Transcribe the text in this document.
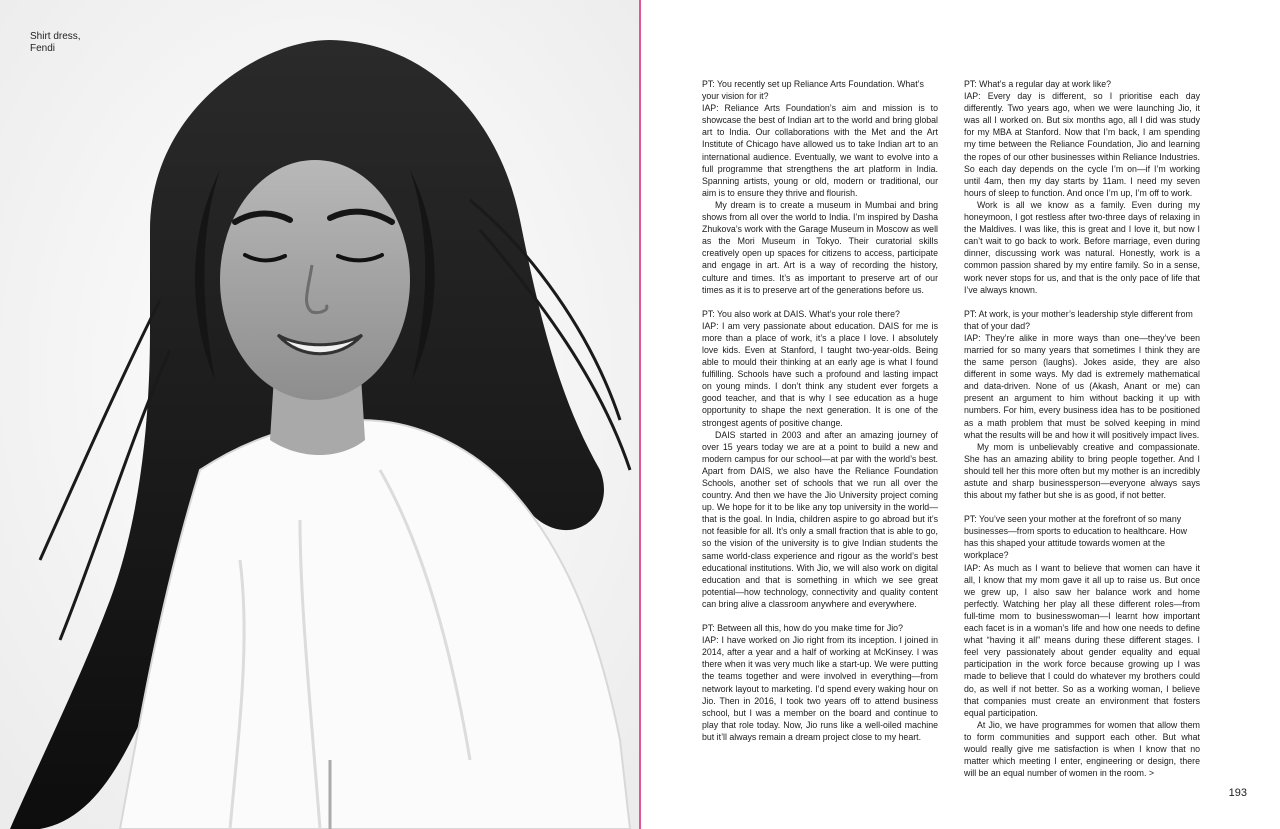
Shirt dress,
Fendi

PT: You recently set up Reliance Arts Foundation. What’s your vision for it?

IAP: Reliance Arts Foundation’s aim and mission is to showcase the best of Indian art to the world and bring global art to India. Our collaborations with the Met and the Art Institute of Chicago have allowed us to take Indian art to an international audience. Eventually, we want to evolve into a full programme that strengthens the art platform in India. Spanning artists, young or old, modern or traditional, our aim is to ensure they thrive and flourish.

My dream is to create a museum in Mumbai and bring shows from all over the world to India. I’m inspired by Dasha Zhukova’s work with the Garage Museum in Moscow as well as the Mori Museum in Tokyo. Their curatorial skills creatively open up spaces for citizens to access, participate and engage in art. Art is a way of recording the history, culture and times. It’s as important to preserve art of our times as it is to preserve art of the generations before us.

PT: You also work at DAIS. What’s your role there?

IAP: I am very passionate about education. DAIS for me is more than a place of work, it’s a place I love. I absolutely love kids. Even at Stanford, I taught two-year-olds. Being able to mould their thinking at an early age is what I found fulfilling. Schools have such a profound and lasting impact on young minds. I don’t think any student ever forgets a good teacher, and that is why I see education as a huge opportunity to shape the next generation. It is one of the strongest agents of positive change.

DAIS started in 2003 and after an amazing journey of over 15 years today we are at a point to build a new and modern campus for our school—at par with the world’s best. Apart from DAIS, we also have the Reliance Foundation Schools, another set of schools that we run all over the country. And then we have the Jio University project coming up. We hope for it to be like any top university in the world—that is the goal. In India, children aspire to go abroad but it’s not feasible for all. It’s only a small fraction that is able to go, so the vision of the university is to give Indian students the same world-class experience and rigour as the world’s best educational institutions. With Jio, we will also work on digital education and that is something in which we see great potential—how technology, connectivity and quality content can bring alive a classroom anywhere and everywhere.

PT: Between all this, how do you make time for Jio?

IAP: I have worked on Jio right from its inception. I joined in 2014, after a year and a half of working at McKinsey. I was there when it was very much like a start-up. We were putting the teams together and were involved in everything—from network layout to marketing. I’d spend every waking hour on Jio. Then in 2016, I took two years off to attend business school, but I was a member on the board and continue to play that role today. Now, Jio runs like a well-oiled machine but it’ll always remain a dream project close to my heart.

PT: What’s a regular day at work like?

IAP: Every day is different, so I prioritise each day differently. Two years ago, when we were launching Jio, it was all I worked on. But six months ago, all I did was study for my MBA at Stanford. Now that I’m back, I am spending my time between the Reliance Foundation, Jio and learning the ropes of our other businesses within Reliance Industries. So each day depends on the cycle I’m on—if I’m working until 4am, then my day starts by 11am. I need my seven hours of sleep to function. And once I’m up, I’m off to work.

Work is all we know as a family. Even during my honeymoon, I got restless after two-three days of relaxing in the Maldives. I was like, this is great and I love it, but now I can’t wait to go back to work. Before marriage, even during dinner, discussing work was natural. Honestly, work is a common passion shared by my entire family. So in a sense, work never stops for us, and that is the only pace of life that I’ve always known.

PT: At work, is your mother’s leadership style different from that of your dad?

IAP: They’re alike in more ways than one—they’ve been married for so many years that sometimes I think they are the same person (laughs). Jokes aside, they are also different in some ways. My dad is extremely mathematical and data-driven. None of us (Akash, Anant or me) can present an argument to him without backing it up with numbers. For him, every business idea has to be positioned as a math problem that must be solved keeping in mind what the results will be and how it will positively impact lives.

My mom is unbelievably creative and compassionate. She has an amazing ability to bring people together. And I should tell her this more often but my mother is an incredibly astute and sharp businessperson—everyone always says this about my father but she is as good, if not better.

PT: You’ve seen your mother at the forefront of so many businesses—from sports to education to healthcare. How has this shaped your attitude towards women at the workplace?

IAP: As much as I want to believe that women can have it all, I know that my mom gave it all up to raise us. But once we grew up, I also saw her balance work and home perfectly. Watching her play all these different roles—from full-time mom to businesswoman—I learnt how important each facet is in a woman’s life and how one needs to define what “having it all” means during these different stages. I feel very passionately about gender equality and equal participation in the work force because growing up I was made to believe that I could do whatever my brothers could do, as well if not better. So as a working woman, I believe that companies must create an environment that fosters equal participation.

At Jio, we have programmes for women that allow them to form communities and support each other. But what would really give me satisfaction is when I know that no matter which meeting I enter, engineering or design, there will be an equal number of women in the room. >

193
